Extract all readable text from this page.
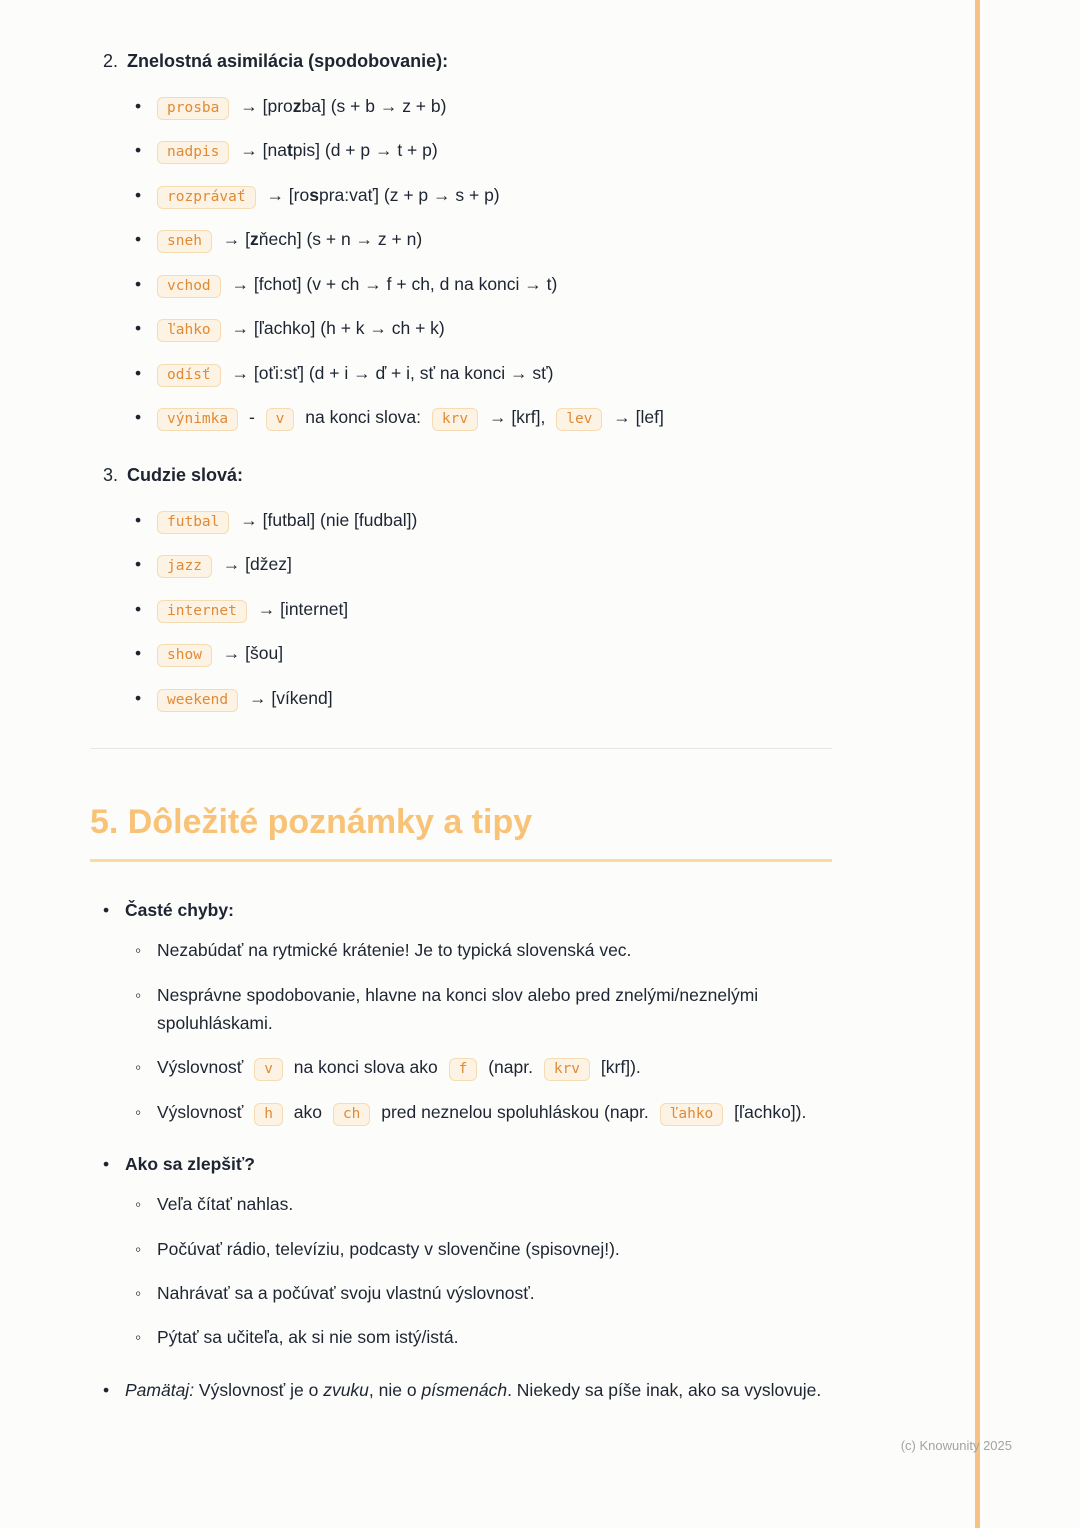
2. Znelostná asimilácia (spodobovanie):
• prosba → [prozba] (s + b → z + b)
• nadpis → [natpis] (d + p → t + p)
• rozprávať → [rospra:vať] (z + p → s + p)
• sneh → [zňech] (s + n → z + n)
• vchod → [fchot] (v + ch → f + ch, d na konci → t)
• ľahko → [ľachko] (h + k → ch + k)
• odísť → [oťi:sť] (d + i → ď + i, sť na konci → sť)
• výnimka - v na konci slova: krv → [krf], lev → [lef]
3. Cudzie slová:
• futbal → [futbal] (nie [fudbal])
• jazz → [džez]
• internet → [internet]
• show → [šou]
• weekend → [víkend]
5. Dôležité poznámky a tipy
• Časté chyby:
◦ Nezabúdať na rytmické krátenie! Je to typická slovenská vec.
◦ Nesprávne spodobovanie, hlavne na konci slov alebo pred znelými/neznelými spoluhláskami.
◦ Výslovnosť v na konci slova ako f (napr. krv [krf]).
◦ Výslovnosť h ako ch pred neznelou spoluhláskou (napr. ľahko [ľachko]).
• Ako sa zlepšiť?
◦ Veľa čítať nahlas.
◦ Počúvať rádio, televíziu, podcasty v slovenčine (spisovnej!).
◦ Nahrávať sa a počúvať svoju vlastnú výslovnosť.
◦ Pýtať sa učiteľa, ak si nie som istý/istá.
• Pamätaj: Výslovnosť je o zvuku, nie o písmenách. Niekedy sa píše inak, ako sa vyslovuje.
(c) Knowunity 2025
